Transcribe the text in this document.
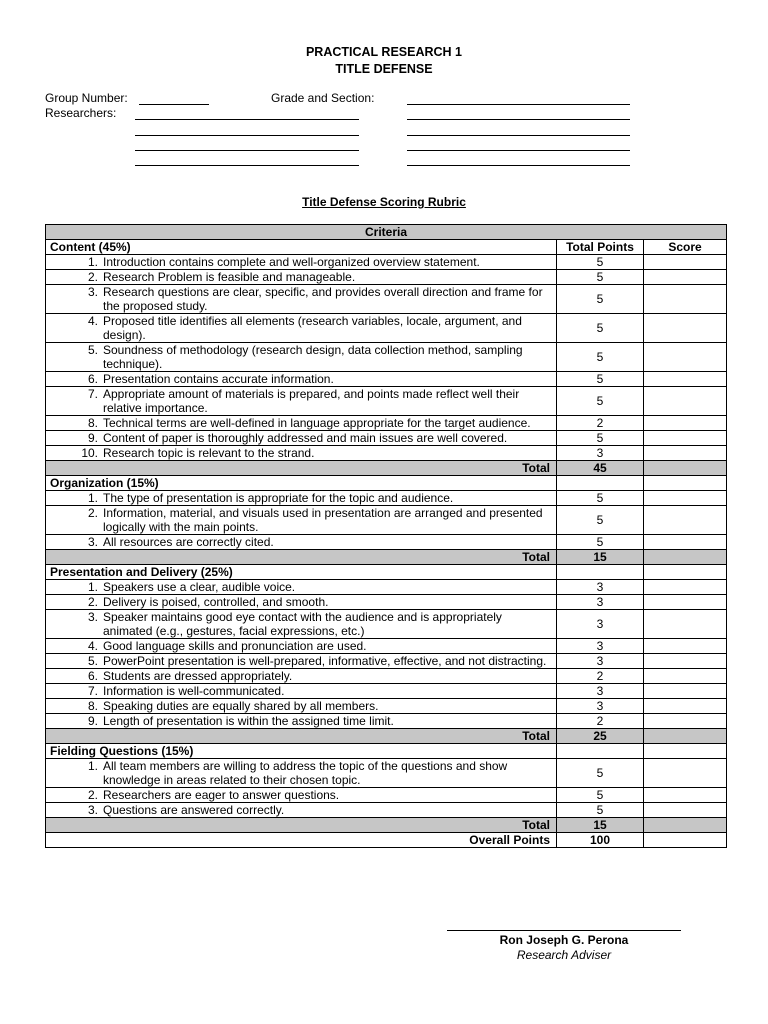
PRACTICAL RESEARCH 1
TITLE DEFENSE
Group Number:	Grade and Section:
Researchers:
Title Defense Scoring Rubric
Criteria		
Content (45%)	Total Points	Score

1. Introduction contains complete and well-organized overview statement.	5	

2. Research Problem is feasible and manageable.	5	

3. Research questions are clear, specific, and provides overall direction and frame for the proposed study.	5	

4. Proposed title identifies all elements (research variables, locale, argument, and design).	5	

5. Soundness of methodology (research design, data collection method, sampling technique).	5	

6. Presentation contains accurate information.	5	

7. Appropriate amount of materials is prepared, and points made reflect well their relative importance.	5	

8. Technical terms are well-defined in language appropriate for the target audience.	2	

9. Content of paper is thoroughly addressed and main issues are well covered.	5	

10. Research topic is relevant to the strand.	3	
Total	45	
Organization (15%)		

1. The type of presentation is appropriate for the topic and audience.	5	

2. Information, material, and visuals used in presentation are arranged and presented logically with the main points.	5	

3. All resources are correctly cited.	5	
Total	15	
Presentation and Delivery (25%)		

1. Speakers use a clear, audible voice.	3	

2. Delivery is poised, controlled, and smooth.	3	

3. Speaker maintains good eye contact with the audience and is appropriately animated (e.g., gestures, facial expressions, etc.)	3	

4. Good language skills and pronunciation are used.	3	

5. PowerPoint presentation is well-prepared, informative, effective, and not distracting.	3	

6. Students are dressed appropriately.	2	

7. Information is well-communicated.	3	

8. Speaking duties are equally shared by all members.	3	

9. Length of presentation is within the assigned time limit.	2	
Total	25	
Fielding Questions (15%)		

1. All team members are willing to address the topic of the questions and show knowledge in areas related to their chosen topic.	5	

2. Researchers are eager to answer questions.	5	

3. Questions are answered correctly.	5	
Total	15	
Overall Points	100	
Ron Joseph G. Perona
Research Adviser
